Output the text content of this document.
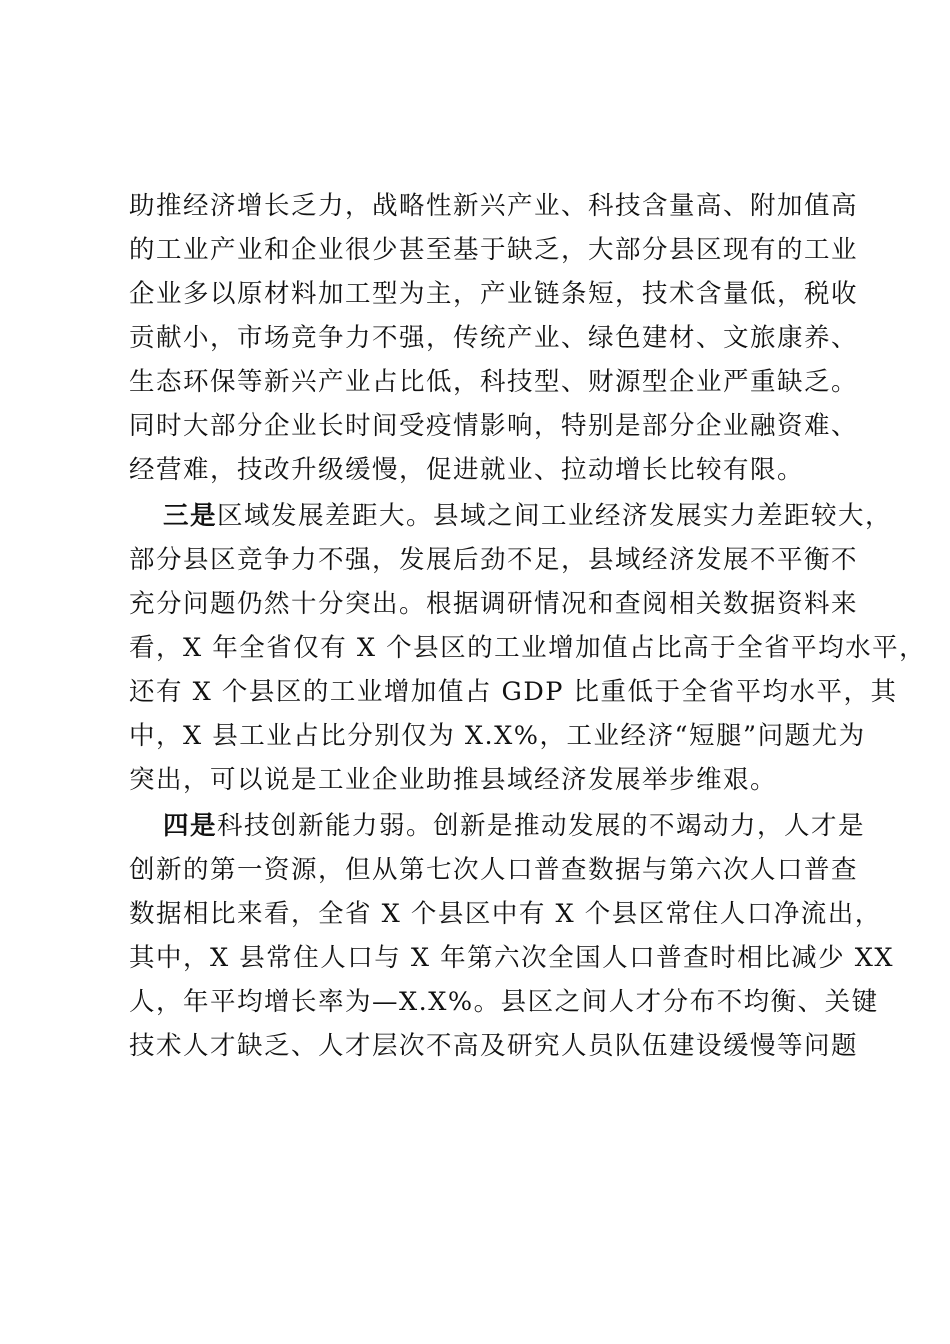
助推经济增长乏力，战略性新兴产业、科技含量高、附加值高
的工业产业和企业很少甚至基于缺乏，大部分县区现有的工业
企业多以原材料加工型为主，产业链条短，技术含量低，税收
贡献小，市场竞争力不强，传统产业、绿色建材、文旅康养、
生态环保等新兴产业占比低，科技型、财源型企业严重缺乏。
同时大部分企业长时间受疫情影响，特别是部分企业融资难、
经营难，技改升级缓慢，促进就业、拉动增长比较有限。
三是区域发展差距大。县域之间工业经济发展实力差距较大，
部分县区竞争力不强，发展后劲不足，县域经济发展不平衡不
充分问题仍然十分突出。根据调研情况和查阅相关数据资料来
看，X 年全省仅有 X 个县区的工业增加值占比高于全省平均水平，
还有 X 个县区的工业增加值占 GDP 比重低于全省平均水平，其
中，X 县工业占比分别仅为 X.X%，工业经济“短腿”问题尤为
突出，可以说是工业企业助推县域经济发展举步维艰。
四是科技创新能力弱。创新是推动发展的不竭动力，人才是
创新的第一资源，但从第七次人口普查数据与第六次人口普查
数据相比来看，全省 X 个县区中有 X 个县区常住人口净流出，
其中，X 县常住人口与 X 年第六次全国人口普查时相比减少 XX
人，年平均增长率为—X.X%。县区之间人才分布不均衡、关键
技术人才缺乏、人才层次不高及研究人员队伍建设缓慢等问题
